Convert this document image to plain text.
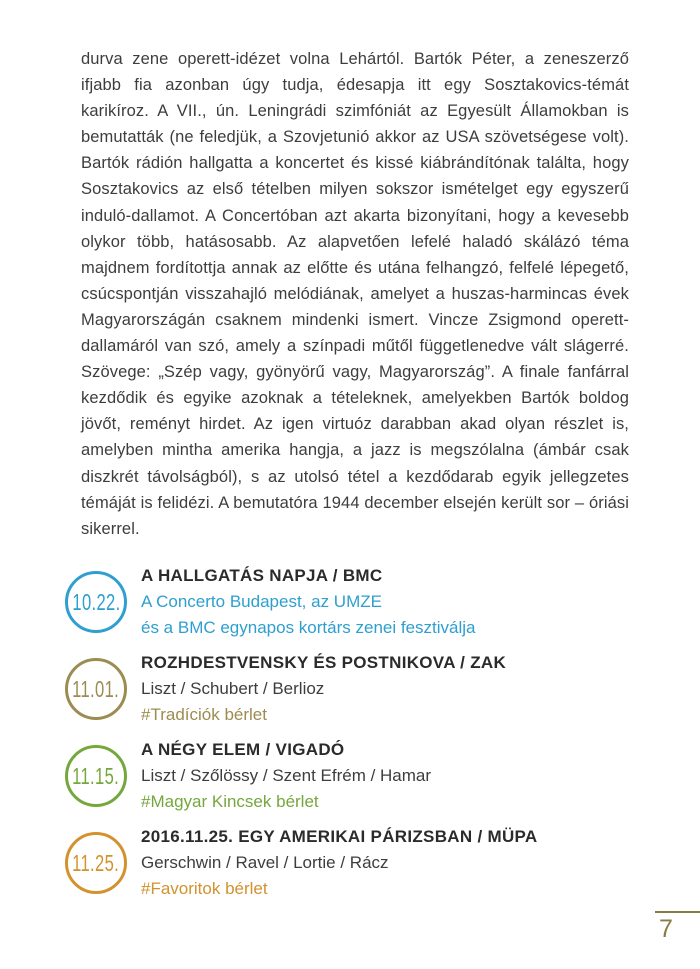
durva zene operett-idézet volna Lehártól. Bartók Péter, a zeneszerző ifjabb fia azonban úgy tudja, édesapja itt egy Sosztakovics-témát karikíroz. A VII., ún. Leningrádi szimfóniát az Egyesült Államokban is bemutatták (ne feledjük, a Szovjetunió akkor az USA szövetségese volt). Bartók rádión hallgatta a koncertet és kissé kiábrándítónak találta, hogy Sosztakovics az első tételben milyen sokszor ismételget egy egyszerű induló-dallamot. A Concertóban azt akarta bizonyítani, hogy a kevesebb olykor több, hatásosabb. Az alapvetően lefelé haladó skálázó téma majdnem fordítottja annak az előtte és utána felhangzó, felfelé lépegető, csúcspontján visszahajló melódiának, amelyet a huszas-harmincas évek Magyarországán csaknem mindenki ismert. Vincze Zsigmond operett-dallamáról van szó, amely a színpadi műtől függetlenedve vált slágerré. Szövege: „Szép vagy, gyönyörű vagy, Magyarország”. A finale fanfárral kezdődik és egyike azoknak a tételeknek, amelyekben Bartók boldog jövőt, reményt hirdet. Az igen virtuóz darabban akad olyan részlet is, amelyben mintha amerika hangja, a jazz is megszólalna (ámbár csak diszkrét távolságból), s az utolsó tétel a kezdődarab egyik jellegzetes témáját is felidézi. A bemutatóra 1944 december elsején került sor – óriási sikerrel.

10.22.
A HALLGATÁS NAPJA / BMC
A Concerto Budapest, az UMZE
és a BMC egynapos kortárs zenei fesztiválja
11.01.
ROZHDESTVENSKY ÉS POSTNIKOVA / ZAK
Liszt / Schubert / Berlioz
#Tradíciók bérlet
11.15.
A NÉGY ELEM / VIGADÓ
Liszt / Szőlössy / Szent Efrém / Hamar
#Magyar Kincsek bérlet
11.25.
2016.11.25. EGY AMERIKAI PÁRIZSBAN / MÜPA
Gerschwin / Ravel / Lortie / Rácz
#Favoritok bérlet
7
